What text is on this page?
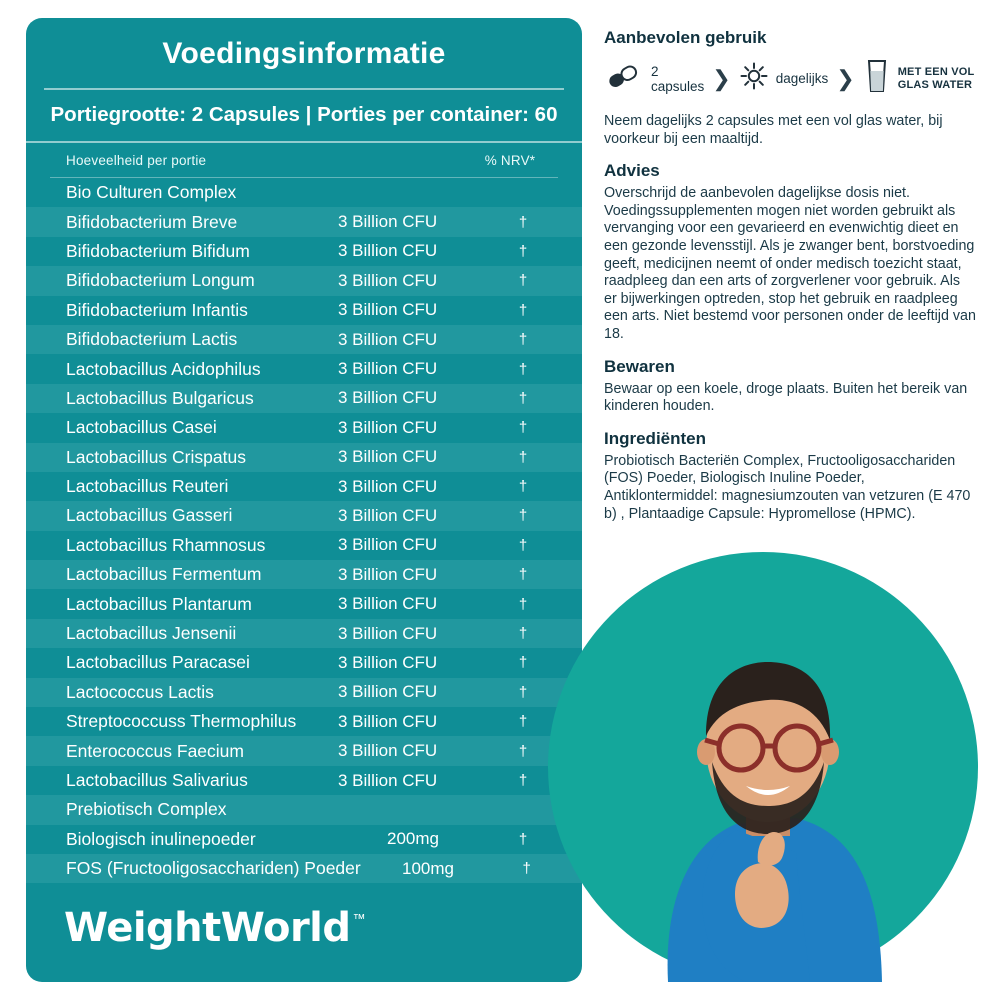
Voedingsinformatie
Portiegrootte: 2 Capsules | Porties per container: 60
Hoeveelheid per portie	% NRV*
Bio Culturen Complex
Bifidobacterium Breve	3 Billion CFU	†
Bifidobacterium Bifidum	3 Billion CFU	†
Bifidobacterium Longum	3 Billion CFU	†
Bifidobacterium Infantis	3 Billion CFU	†
Bifidobacterium Lactis	3 Billion CFU	†
Lactobacillus Acidophilus	3 Billion CFU	†
Lactobacillus Bulgaricus	3 Billion CFU	†
Lactobacillus Casei	3 Billion CFU	†
Lactobacillus Crispatus	3 Billion CFU	†
Lactobacillus Reuteri	3 Billion CFU	†
Lactobacillus Gasseri	3 Billion CFU	†
Lactobacillus Rhamnosus	3 Billion CFU	†
Lactobacillus Fermentum	3 Billion CFU	†
Lactobacillus Plantarum	3 Billion CFU	†
Lactobacillus Jensenii	3 Billion CFU	†
Lactobacillus Paracasei	3 Billion CFU	†
Lactococcus Lactis	3 Billion CFU	†
Streptococcuss Thermophilus	3 Billion CFU	†
Enterococcus Faecium	3 Billion CFU	†
Lactobacillus Salivarius	3 Billion CFU	†
Prebiotisch Complex
Biologisch inulinepoeder	200mg	†
FOS (Fructooligosacchariden) Poeder	100mg	†
WeightWorld ™
Aanbevolen gebruik
2 capsules ❯	dagelijks ❯	MET EEN VOL GLAS WATER

Neem dagelijks 2 capsules met een vol glas water, bij voorkeur bij een maaltijd.

Advies

Overschrijd de aanbevolen dagelijkse dosis niet. Voedingssupplementen mogen niet worden gebruikt als vervanging voor een gevarieerd en evenwichtig dieet en een gezonde levensstijl. Als je zwanger bent, borstvoeding geeft, medicijnen neemt of onder medisch toezicht staat, raadpleeg dan een arts of zorgverlener voor gebruik. Als er bijwerkingen optreden, stop het gebruik en raadpleeg een arts. Niet bestemd voor personen onder de leeftijd van 18.

Bewaren

Bewaar op een koele, droge plaats. Buiten het bereik van kinderen houden.

Ingrediënten

Probiotisch Bacteriën Complex, Fructooligosacchariden (FOS) Poeder, Biologisch Inuline Poeder, Antiklontermiddel: magnesiumzouten van vetzuren (E 470 b) , Plantaadige Capsule: Hypromellose (HPMC).
